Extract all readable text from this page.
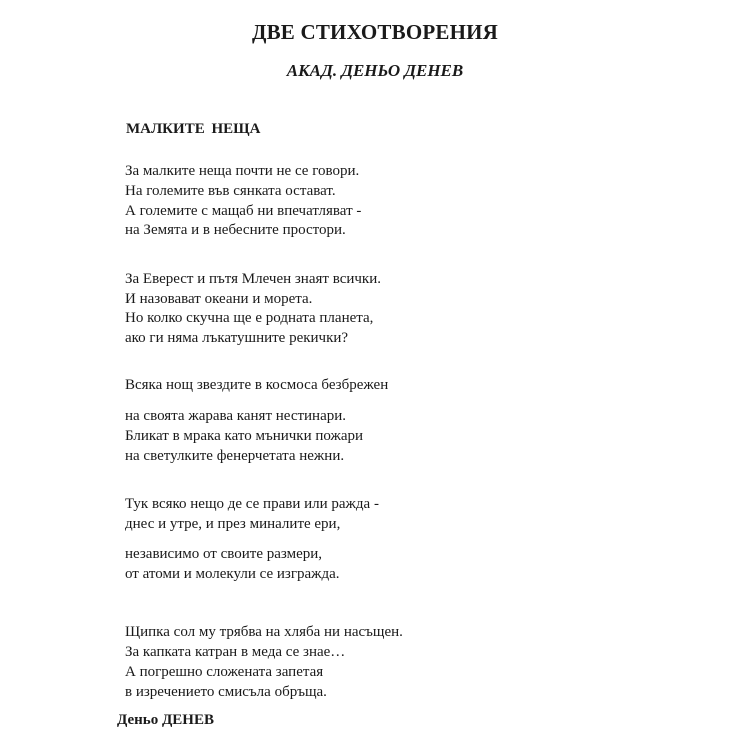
ДВЕ СТИХОТВОРЕНИЯ
АКАД. ДЕНЬО ДЕНЕВ
МАЛКИТЕ НЕЩА
За малките неща почти не се говори.
На големите във сянката остават.
А големите с мащаб ни впечатляват -
на Земята и в небесните простори.
За Еверест и пътя Млечен знаят всички.
И назовават океани и морета.
Но колко скучна ще е родната планета,
ако ги няма лъкатушните рекички?
Всяка нощ звездите в космоса безбрежен
на своята жарава канят нестинари.
Бликат в мрака като мънички пожари
на светулките фенерчетата нежни.
Тук всяко нещо де се прави или ражда -
днес и утре, и през миналите ери,
независимо от своите размери,
от атоми и молекули се изгражда.
Щипка сол му трябва на хляба ни насъщен.
За капката катран в меда се знае…
А погрешно сложената запетая
в изречението смисъла обръща.
Деньо ДЕНЕВ
